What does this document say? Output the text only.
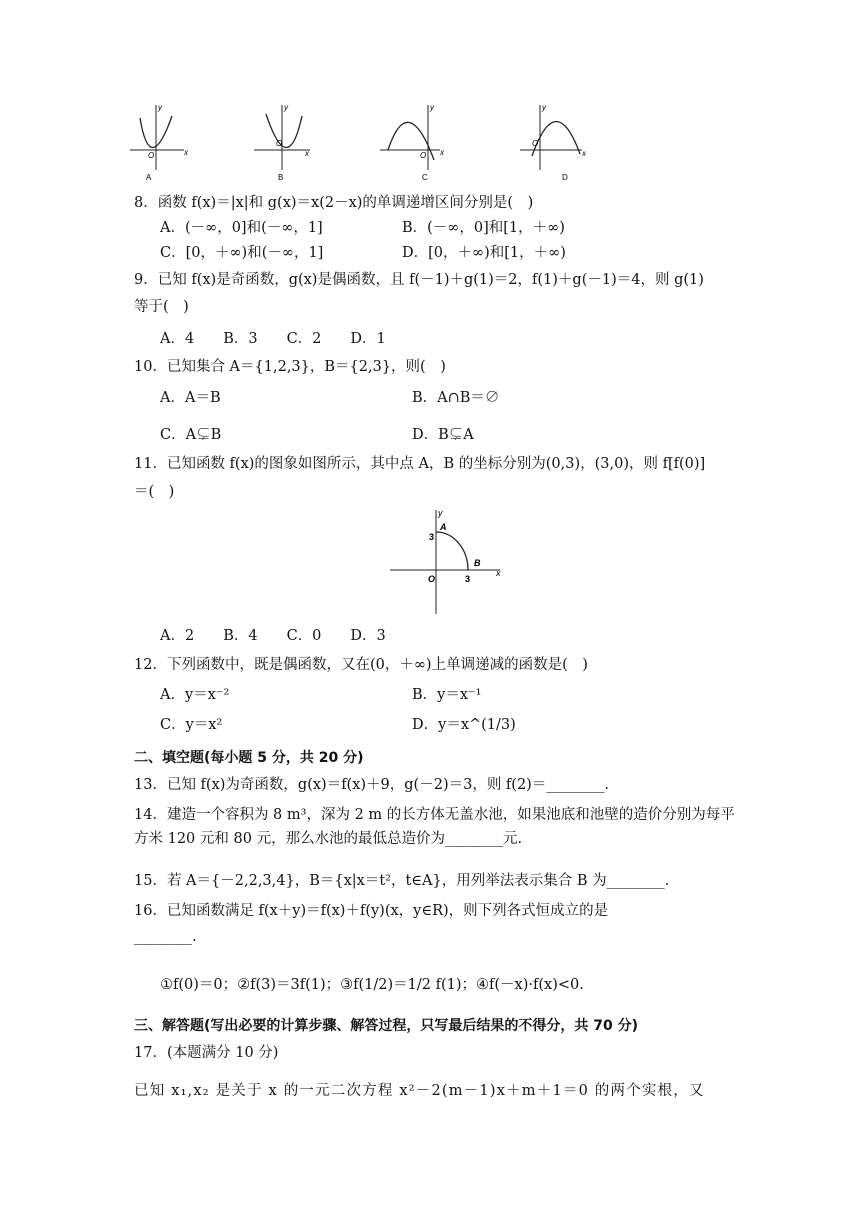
y
x
O
A
y
x
O
B
y
x
O
C
y
x
O
D
8．函数 f(x)＝|x|和 g(x)＝x(2－x)的单调递增区间分别是(　)
A．(－∞，0]和(－∞，1]	B．(－∞，0]和[1，＋∞)
C．[0，＋∞)和(－∞，1]	D．[0，＋∞)和[1，＋∞)
9．已知 f(x)是奇函数，g(x)是偶函数，且 f(－1)＋g(1)＝2，f(1)＋g(－1)＝4，则 g(1)
等于(　)
A．4　　B．3　　C．2　　D．1
10．已知集合 A＝{1,2,3}，B＝{2,3}，则(　)
A．A＝B	B．A∩B＝∅
C．A⊊B	D．B⊊A
11．已知函数 f(x)的图象如图所示，其中点 A，B 的坐标分别为(0,3)，(3,0)，则 f[f(0)]
＝(　)
y
x
A
B
3
3
O
A．2　　B．4　　C．0　　D．3
12．下列函数中，既是偶函数，又在(0，＋∞)上单调递减的函数是(　)
A．y＝x⁻²	B．y＝x⁻¹
C．y＝x²	D．y＝x^(1/3)
二、填空题(每小题 5 分，共 20 分)
13．已知 f(x)为奇函数，g(x)＝f(x)＋9，g(－2)＝3，则 f(2)＝________.
14．建造一个容积为 8 m³，深为 2 m 的长方体无盖水池，如果池底和池壁的造价分别为每平
方米 120 元和 80 元，那么水池的最低总造价为________元.
15．若 A＝{－2,2,3,4}，B＝{x|x＝t²，t∈A}，用列举法表示集合 B 为________.
16．已知函数满足 f(x＋y)＝f(x)＋f(y)(x，y∈R)，则下列各式恒成立的是
________.
①f(0)＝0；②f(3)＝3f(1)；③f(1/2)＝1/2 f(1)；④f(－x)·f(x)<0.
三、解答题(写出必要的计算步骤、解答过程，只写最后结果的不得分，共 70 分)
17．(本题满分 10 分)
已知 x₁,x₂ 是关于 x 的一元二次方程 x²－2(m－1)x＋m＋1＝0 的两个实根，又
